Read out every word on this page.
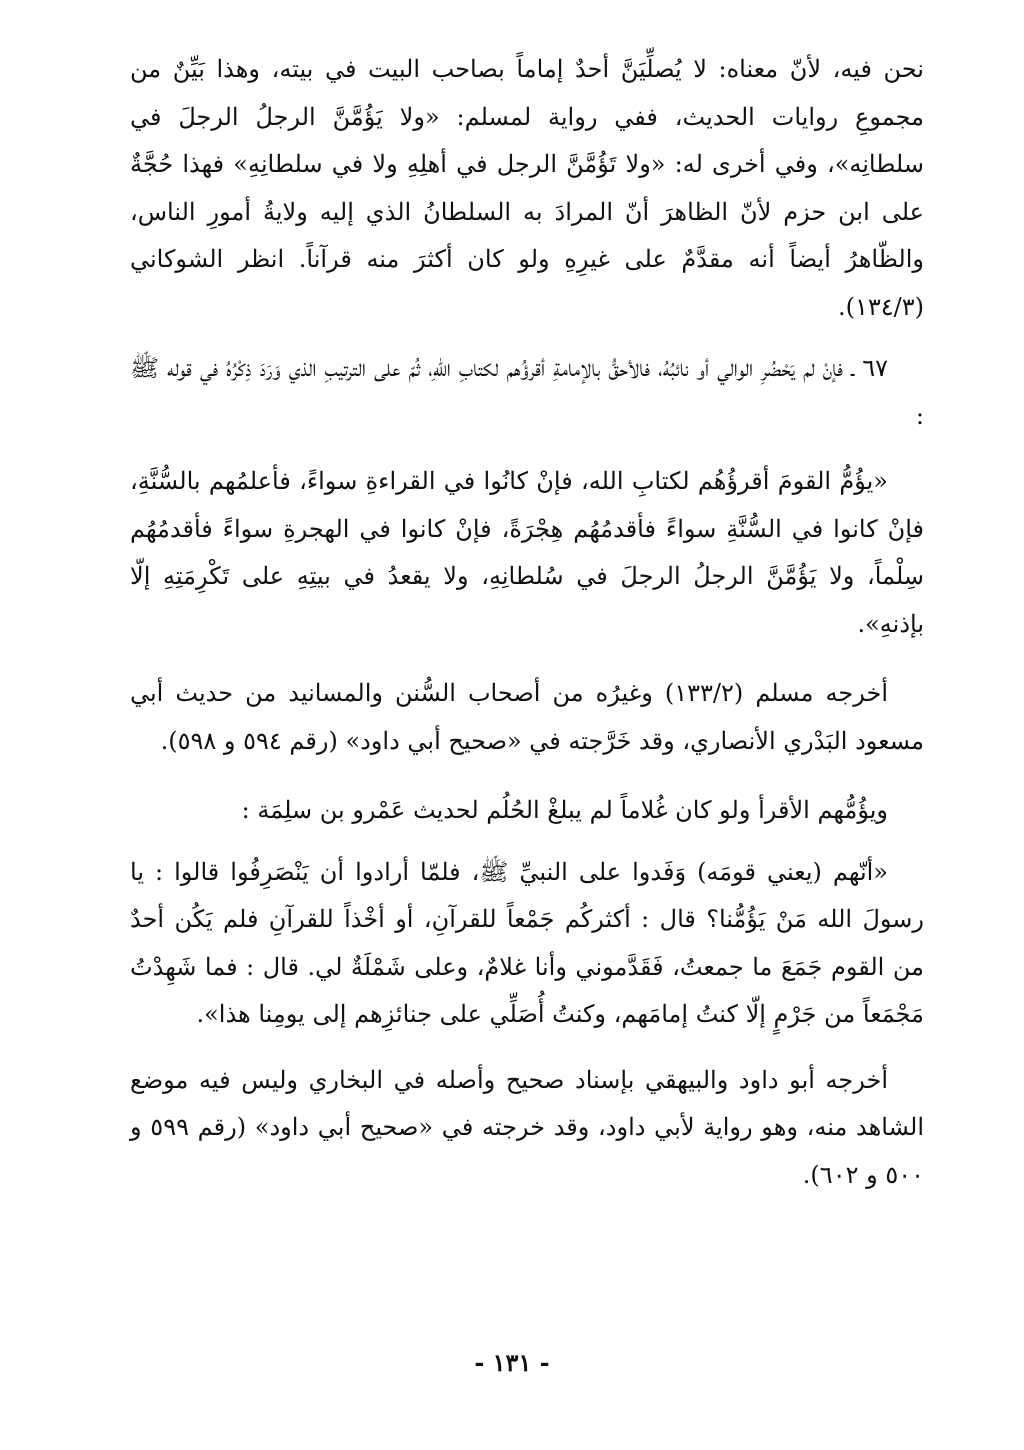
نحن فيه، لأنّ معناه: لا يُصلِّيَنَّ أحدٌ إماماً بصاحب البيت في بيته، وهذا بَيِّنٌ من مجموعِ روايات الحديث، ففي رواية لمسلم: «ولا يَؤُمَّنَّ الرجلُ الرجلَ في سلطانِه»، وفي أخرى له: «ولا تَؤُمَّنَّ الرجل في أهلِهِ ولا في سلطانِهِ» فهذا حُجَّةٌ على ابن حزم لأنّ الظاهرَ أنّ المرادَ به السلطانُ الذي إليه ولايةُ أمورِ الناس، والظّاهرُ أيضاً أنه مقدَّمٌ على غيرِهِ ولو كان أكثرَ منه قرآناً. انظر الشوكاني (١٣٤/٣).

٦٧ ـ فإنْ لم يَحْضُرِ الوالي أو نائبُهُ، فالأحقُّ بالإمامةِ أقرؤُهم لكتابِ اللهِ، ثُمّ على الترتيبِ الذي وَرَدَ ذِكْرُهُ في قوله ﷺ :

«يؤُمُّ القومَ أقرؤُهُم لكتابِ الله، فإنْ كانُوا في القراءةِ سواءً، فأعلمُهم بالسُّنَّةِ، فإنْ كانوا في السُّنَّةِ سواءً فأقدمُهُم هِجْرَةً، فإنْ كانوا في الهجرةِ سواءً فأقدمُهُم سِلْماً، ولا يَؤُمَّنَّ الرجلُ الرجلَ في سُلطانِهِ، ولا يقعدُ في بيتِهِ على تَكْرِمَتِهِ إلّا بإذنهِ».

أخرجه مسلم (١٣٣/٢) وغيرُه من أصحاب السُّنن والمسانيد من حديث أبي مسعود البَدْري الأنصاري، وقد خَرَّجته في «صحيح أبي داود» (رقم ٥٩٤ و ٥٩٨).

ويؤُمُّهم الأقرأ ولو كان غُلاماً لم يبلغْ الحُلُم لحديث عَمْرو بن سلِمَة :

«أنّهم (يعني قومَه) وَفَدوا على النبيِّ ﷺ، فلمّا أرادوا أن يَنْصَرِفُوا قالوا : يا رسولَ الله مَنْ يَؤُمُّنا؟ قال : أكثركُم جَمْعاً للقرآنِ، أو أخْذاً للقرآنِ فلم يَكُن أحدٌ من القوم جَمَعَ ما جمعتُ، فَقَدَّموني وأنا غلامٌ، وعلى شَمْلَةٌ لي. قال : فما شَهِدْتُ مَجْمَعاً من جَرْمٍ إلّا كنتُ إمامَهم، وكنتُ أُصَلِّي على جنائزِهم إلى يومِنا هذا».

أخرجه أبو داود والبيهقي بإسناد صحيح وأصله في البخاري وليس فيه موضع الشاهد منه، وهو رواية لأبي داود، وقد خرجته في «صحيح أبي داود» (رقم ٥٩٩ و ٥٠٠ و ٦٠٢).

- ١٣١ -
